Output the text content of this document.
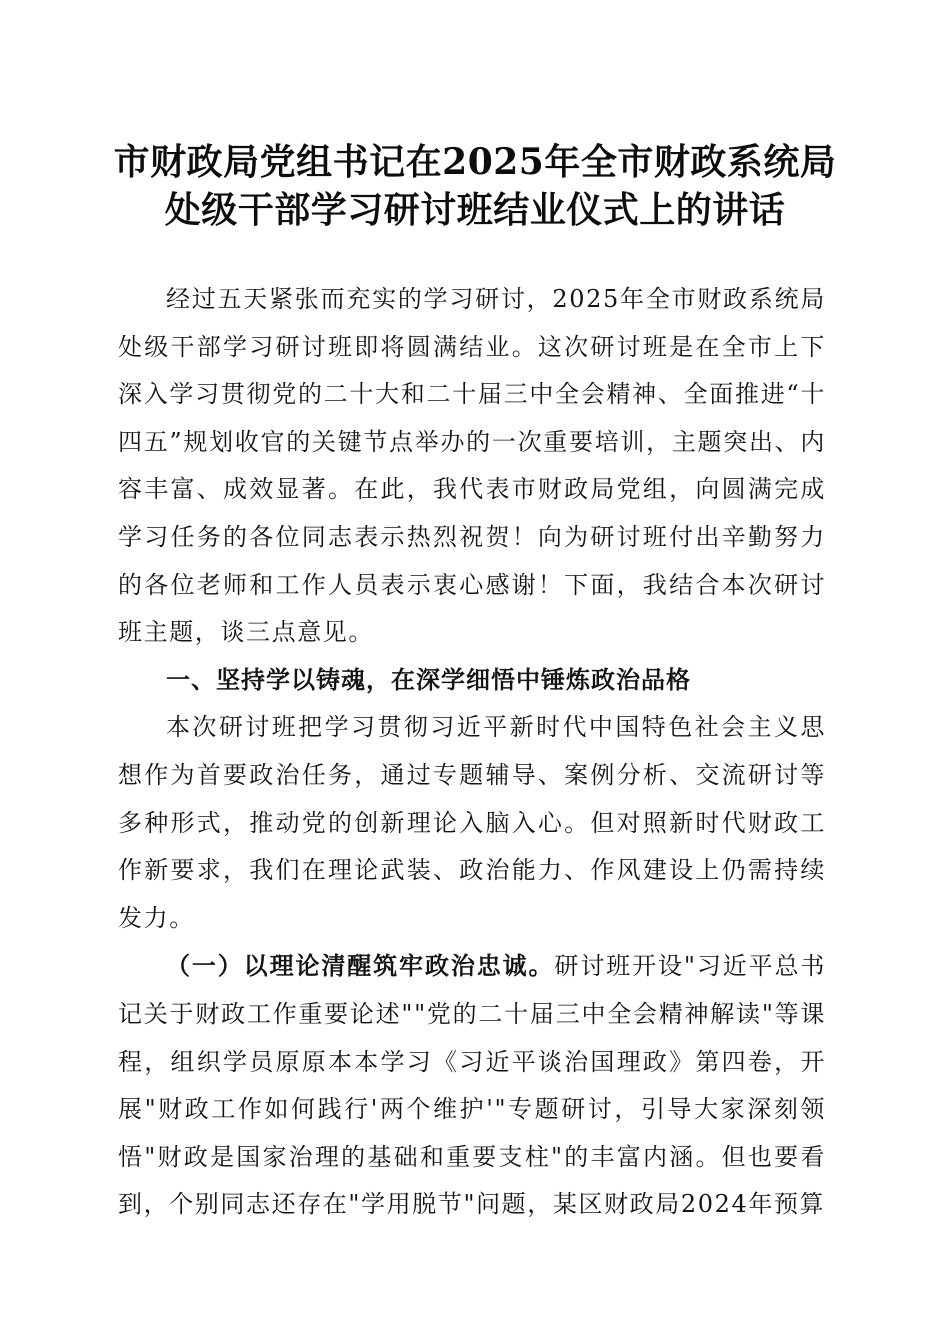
市财政局党组书记在2025年全市财政系统局
处级干部学习研讨班结业仪式上的讲话

经过五天紧张而充实的学习研讨，2025年全市财政系统局处级干部学习研讨班即将圆满结业。这次研讨班是在全市上下深入学习贯彻党的二十大和二十届三中全会精神、全面推进“十四五”规划收官的关键节点举办的一次重要培训，主题突出、内容丰富、成效显著。在此，我代表市财政局党组，向圆满完成学习任务的各位同志表示热烈祝贺！向为研讨班付出辛勤努力的各位老师和工作人员表示衷心感谢！下面，我结合本次研讨班主题，谈三点意见。

一、坚持学以铸魂，在深学细悟中锤炼政治品格

本次研讨班把学习贯彻习近平新时代中国特色社会主义思想作为首要政治任务，通过专题辅导、案例分析、交流研讨等多种形式，推动党的创新理论入脑入心。但对照新时代财政工作新要求，我们在理论武装、政治能力、作风建设上仍需持续发力。

（一）以理论清醒筑牢政治忠诚。研讨班开设"习近平总书记关于财政工作重要论述""党的二十届三中全会精神解读"等课程，组织学员原原本本学习《习近平谈治国理政》第四卷，开展"财政工作如何践行'两个维护'"专题研讨，引导大家深刻领悟"财政是国家治理的基础和重要支柱"的丰富内涵。但也要看到，个别同志还存在"学用脱节"问题，某区财政局2024年预算
